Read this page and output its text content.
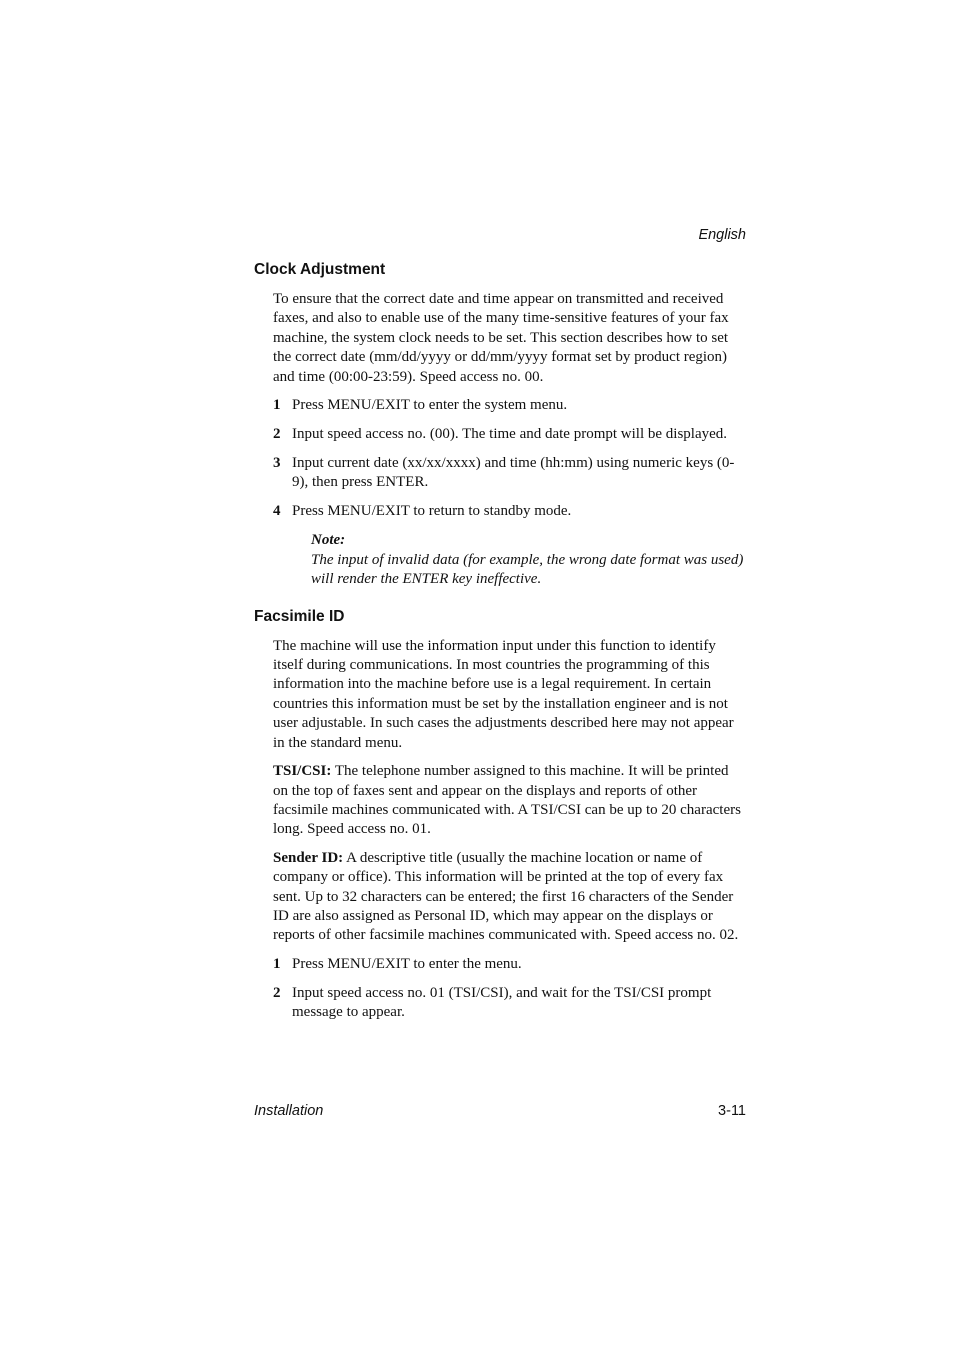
English
Clock Adjustment

To ensure that the correct date and time appear on transmitted and received faxes, and also to enable use of the many time-sensitive features of your fax machine, the system clock needs to be set. This section describes how to set the correct date (mm/dd/yyyy or dd/mm/yyyy format set by product region) and time (00:00-23:59). Speed access no. 00.

1 Press MENU/EXIT to enter the system menu.
2 Input speed access no. (00). The time and date prompt will be displayed.
3 Input current date (xx/xx/xxxx) and time (hh:mm) using numeric keys (0-9), then press ENTER.
4 Press MENU/EXIT to return to standby mode.
Note:
The input of invalid data (for example, the wrong date format was used) will render the ENTER key ineffective.
Facsimile ID

The machine will use the information input under this function to identify itself during communications. In most countries the programming of this information into the machine before use is a legal requirement. In certain countries this information must be set by the installation engineer and is not user adjustable. In such cases the adjustments described here may not appear in the standard menu.

TSI/CSI: The telephone number assigned to this machine. It will be printed on the top of faxes sent and appear on the displays and reports of other facsimile machines communicated with. A TSI/CSI can be up to 20 characters long. Speed access no. 01.

Sender ID: A descriptive title (usually the machine location or name of company or office). This information will be printed at the top of every fax sent. Up to 32 characters can be entered; the first 16 characters of the Sender ID are also assigned as Personal ID, which may appear on the displays or reports of other facsimile machines communicated with. Speed access no. 02.

1 Press MENU/EXIT to enter the menu.
2 Input speed access no. 01 (TSI/CSI), and wait for the TSI/CSI prompt message to appear.
Installation	3-11
